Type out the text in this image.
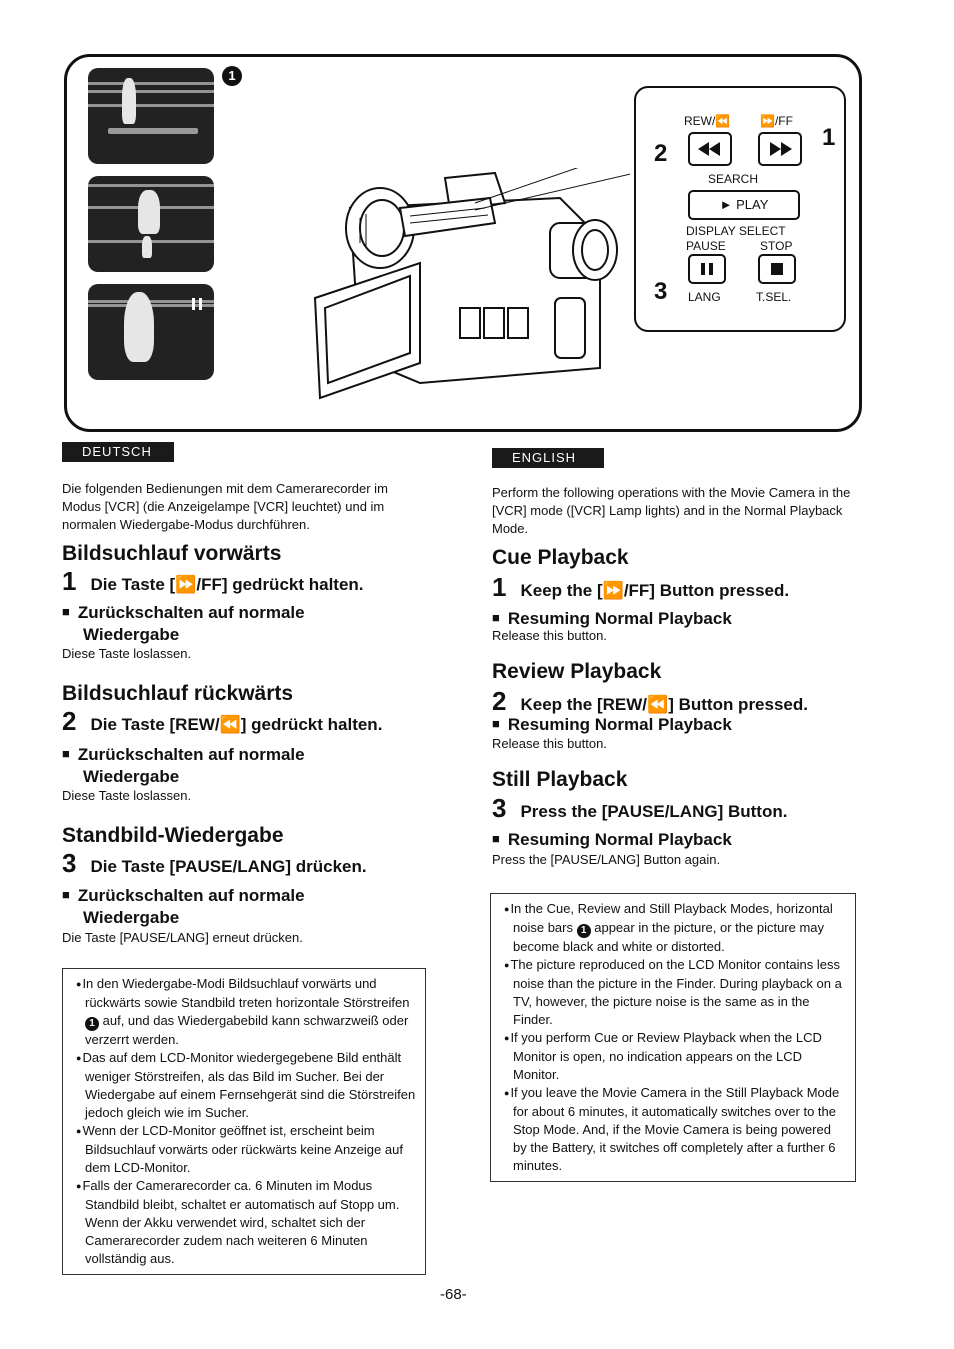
1
REW/⏪ ⏩/FF
2
1
SEARCH
► PLAY
DISPLAY SELECT
PAUSE	STOP
3 LANG	T.SEL.
DEUTSCH
Die folgenden Bedienungen mit dem Camerarecorder im Modus [VCR] (die Anzeigelampe [VCR] leuchtet) und im normalen Wiedergabe-Modus durchführen.
Bildsuchlauf vorwärts
1 Die Taste [⏩/FF] gedrückt halten.
■ Zurückschalten auf normale
Wiedergabe
Diese Taste loslassen.
Bildsuchlauf rückwärts
2 Die Taste [REW/⏪] gedrückt halten.
■ Zurückschalten auf normale
Wiedergabe
Diese Taste loslassen.
Standbild-Wiedergabe
3 Die Taste [PAUSE/LANG] drücken.
■ Zurückschalten auf normale
Wiedergabe
Die Taste [PAUSE/LANG] erneut drücken.
● In den Wiedergabe-Modi Bildsuchlauf vorwärts und rückwärts sowie Standbild treten horizontale Störstreifen 1 auf, und das Wiedergabebild kann schwarzweiß oder verzerrt werden.
● Das auf dem LCD-Monitor wiedergegebene Bild enthält weniger Störstreifen, als das Bild im Sucher. Bei der Wiedergabe auf einem Fernsehgerät sind die Störstreifen jedoch gleich wie im Sucher.
● Wenn der LCD-Monitor geöffnet ist, erscheint beim Bildsuchlauf vorwärts oder rückwärts keine Anzeige auf dem LCD-Monitor.
● Falls der Camerarecorder ca. 6 Minuten im Modus Standbild bleibt, schaltet er automatisch auf Stopp um. Wenn der Akku verwendet wird, schaltet sich der Camerarecorder zudem nach weiteren 6 Minuten vollständig aus.
ENGLISH
Perform the following operations with the Movie Camera in the [VCR] mode ([VCR] Lamp lights) and in the Normal Playback Mode.
Cue Playback
1 Keep the [⏩/FF] Button pressed.
■ Resuming Normal Playback
Release this button.
Review Playback
2 Keep the [REW/⏪] Button pressed.
■ Resuming Normal Playback
Release this button.
Still Playback
3 Press the [PAUSE/LANG] Button.
■ Resuming Normal Playback
Press the [PAUSE/LANG] Button again.
● In the Cue, Review and Still Playback Modes, horizontal noise bars 1 appear in the picture, or the picture may become black and white or distorted.
● The picture reproduced on the LCD Monitor contains less noise than the picture in the Finder. During playback on a TV, however, the picture noise is the same as in the Finder.
● If you perform Cue or Review Playback when the LCD Monitor is open, no indication appears on the LCD Monitor.
● If you leave the Movie Camera in the Still Playback Mode for about 6 minutes, it automatically switches over to the Stop Mode. And, if the Movie Camera is being powered by the Battery, it switches off completely after a further 6 minutes.
-68-
